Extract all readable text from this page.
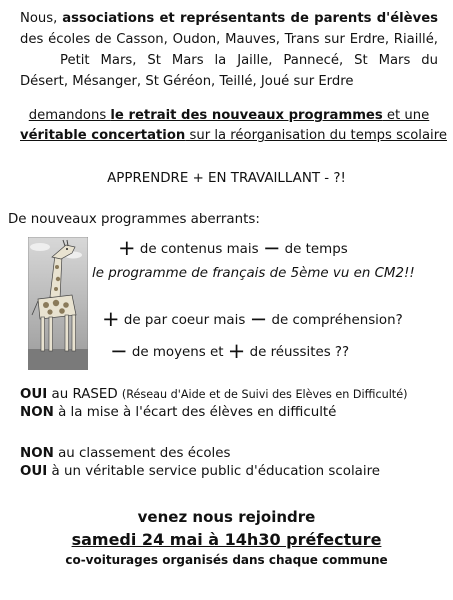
Nous, associations et représentants de parents d'élèves
des écoles de Casson, Oudon, Mauves, Trans sur Erdre, Riaillé,
Petit Mars, St Mars la Jaille, Pannecé, St Mars du
Désert, Mésanger, St Géréon, Teillé, Joué sur Erdre
demandons le retrait des nouveaux programmes et une
véritable concertation sur la réorganisation du temps scolaire
APPRENDRE + EN TRAVAILLANT - ?!
De nouveaux programmes aberrants:
+ de contenus mais − de temps
le programme de français de 5ème vu en CM2!!
+ de par coeur mais − de compréhension?
− de moyens et + de réussites ??
OUI au RASED (Réseau d'Aide et de Suivi des Elèves en Difficulté)
NON à la mise à l'écart des élèves en difficulté
NON au classement des écoles
OUI à un véritable service public d'éducation scolaire
venez nous rejoindre
samedi 24 mai à 14h30 préfecture
co-voiturages organisés dans chaque commune
